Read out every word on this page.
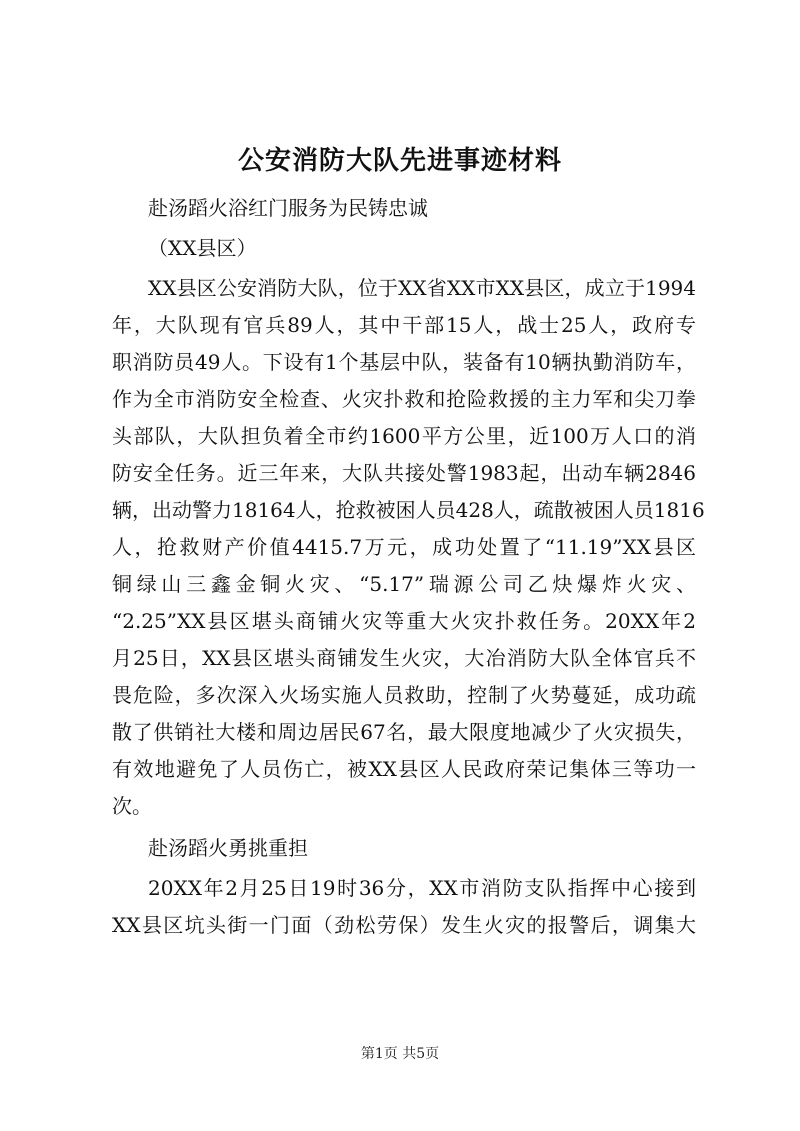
公安消防大队先进事迹材料
赴汤蹈火浴红门服务为民铸忠诚
（XX县区）
XX县区公安消防大队，位于XX省XX市XX县区，成立于1994
年，大队现有官兵89人，其中干部15人，战士25人，政府专
职消防员49人。下设有1个基层中队，装备有10辆执勤消防车，
作为全市消防安全检查、火灾扑救和抢险救援的主力军和尖刀拳
头部队，大队担负着全市约1600平方公里，近100万人口的消
防安全任务。近三年来，大队共接处警1983起，出动车辆2846
辆，出动警力18164人，抢救被困人员428人，疏散被困人员1816
人，抢救财产价值4415.7万元，成功处置了“11.19”XX县区
铜绿山三鑫金铜火灾、“5.17”瑞源公司乙炔爆炸火灾、
“2.25”XX县区堪头商铺火灾等重大火灾扑救任务。20XX年2
月25日，XX县区堪头商铺发生火灾，大冶消防大队全体官兵不
畏危险，多次深入火场实施人员救助，控制了火势蔓延，成功疏
散了供销社大楼和周边居民67名，最大限度地减少了火灾损失，
有效地避免了人员伤亡，被XX县区人民政府荣记集体三等功一
次。
赴汤蹈火勇挑重担
20XX年2月25日19时36分，XX市消防支队指挥中心接到
XX县区坑头街一门面（劲松劳保）发生火灾的报警后，调集大
第1页 共5页
